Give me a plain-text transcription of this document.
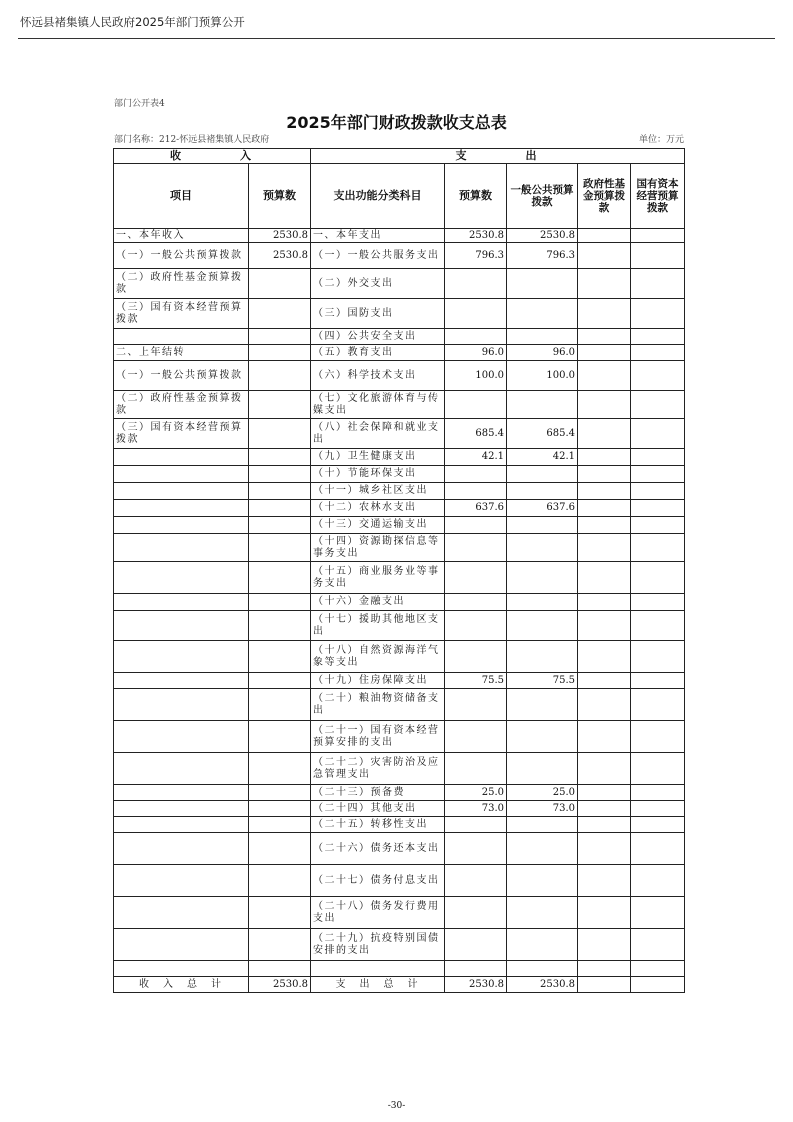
怀远县褚集镇人民政府2025年部门预算公开
部门公开表4
2025年部门财政拨款收支总表
部门名称：212-怀远县褚集镇人民政府	单位：万元
收　　　　入		支　　　　出				
项目	预算数	支出功能分类科目	预算数	一般公共预算拨款	政府性基金预算拨款	国有资本经营预算拨款
一、本年收入	2530.8	一、本年支出	2530.8	2530.8		
（一）一般公共预算拨款	2530.8	（一）一般公共服务支出	796.3	796.3		
（二）政府性基金预算拨款		（二）外交支出				
（三）国有资本经营预算拨款		（三）国防支出				
		（四）公共安全支出				
二、上年结转		（五）教育支出	96.0	96.0		
（一）一般公共预算拨款		（六）科学技术支出	100.0	100.0		
（二）政府性基金预算拨款		（七）文化旅游体育与传媒支出				
（三）国有资本经营预算拨款		（八）社会保障和就业支出	685.4	685.4		
		（九）卫生健康支出	42.1	42.1		
		（十）节能环保支出				
		（十一）城乡社区支出				
		（十二）农林水支出	637.6	637.6		
		（十三）交通运输支出				
		（十四）资源勘探信息等事务支出				
		（十五）商业服务业等事务支出				
		（十六）金融支出				
		（十七）援助其他地区支出				
		（十八）自然资源海洋气象等支出				
		（十九）住房保障支出	75.5	75.5		
		（二十）粮油物资储备支出				
		（二十一）国有资本经营预算安排的支出				
		（二十二）灾害防治及应急管理支出				
		（二十三）预备费	25.0	25.0		
		（二十四）其他支出	73.0	73.0		
		（二十五）转移性支出				
		（二十六）债务还本支出				
		（二十七）债务付息支出				
		（二十八）债务发行费用支出				
		（二十九）抗疫特别国债安排的支出				

收　入　总　计	2530.8	支　出　总　计	2530.8	2530.8		
-30-
